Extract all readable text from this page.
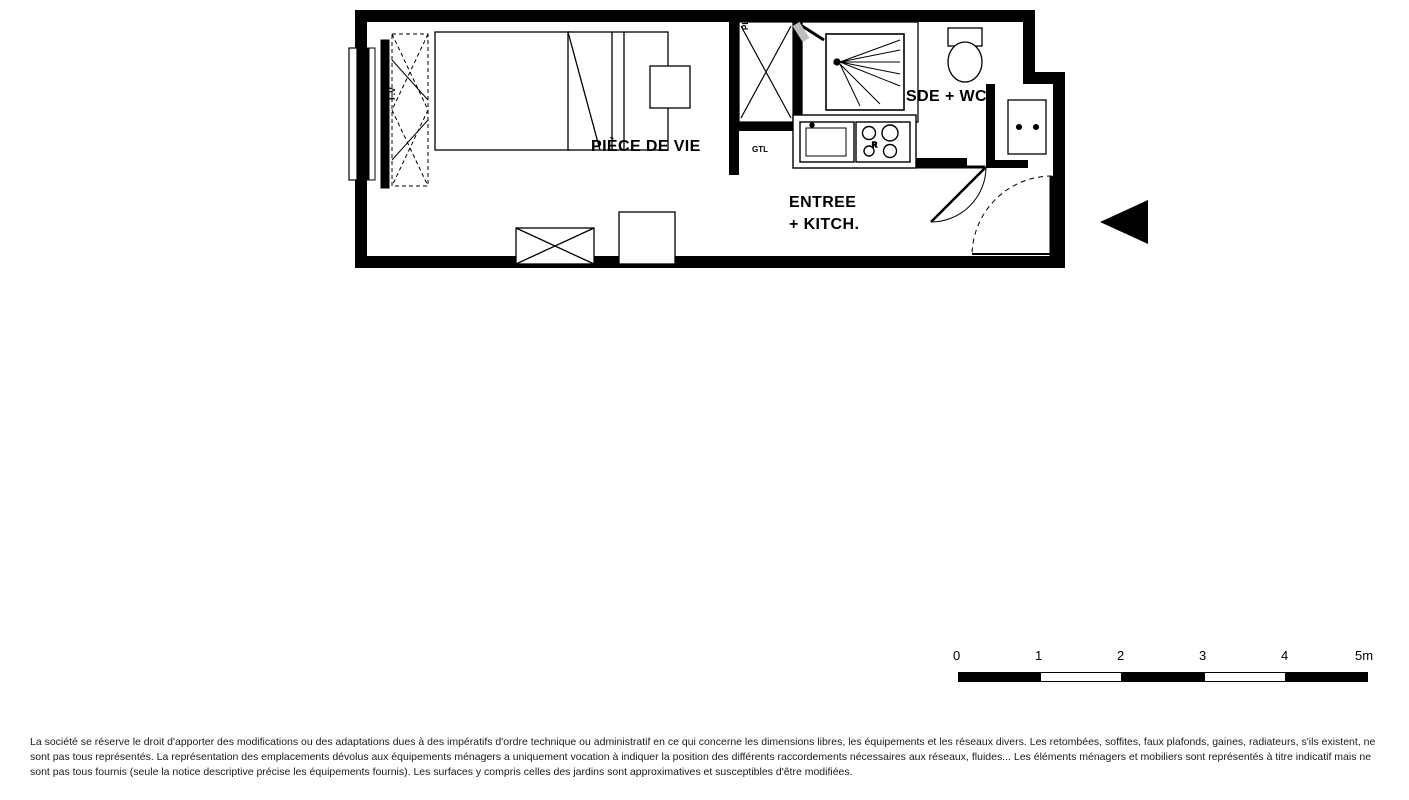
R
PIÈCE DE VIE
SDE + WC
ENTREE
+ KITCH.
PL
GTL
F.V
0	1	2	3	4	5m
La société se réserve le droit d'apporter des modifications ou des adaptations dues à des impératifs d'ordre technique ou administratif en ce qui concerne les dimensions libres, les équipements et les réseaux divers. Les retombées, soffites, faux plafonds, gaines, radiateurs, s'ils existent, ne sont pas tous représentés. La représentation des emplacements dévolus aux équipements ménagers a uniquement vocation à indiquer la position des différents raccordements nécessaires aux réseaux, fluides... Les éléments ménagers et mobiliers sont représentés à titre indicatif mais ne sont pas tous fournis (seule la notice descriptive précise les équipements fournis). Les surfaces y compris celles des jardins sont approximatives et susceptibles d'être modifiées.
